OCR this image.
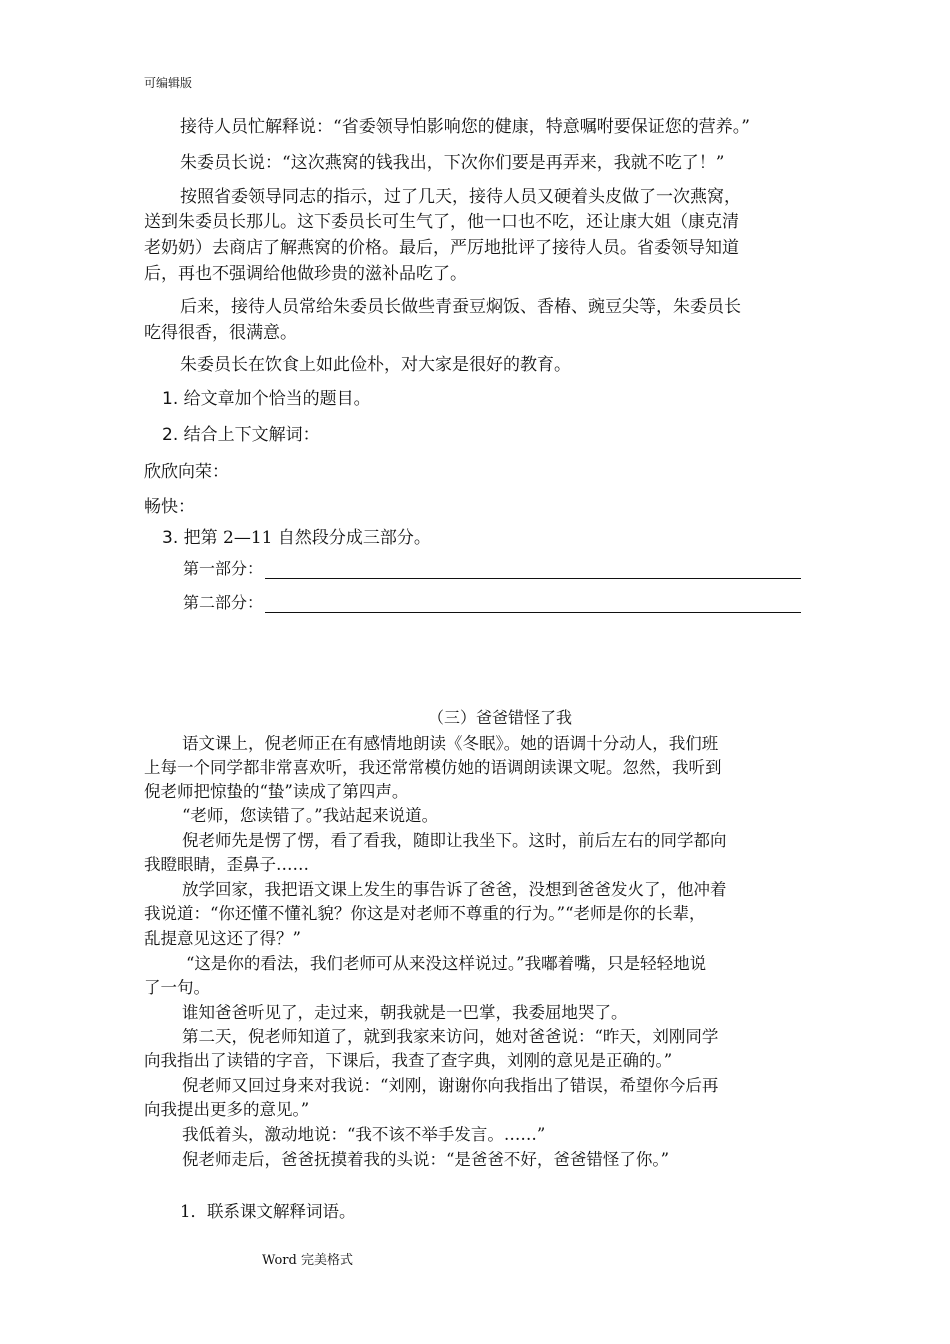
可编辑版
接待人员忙解释说：“省委领导怕影响您的健康，特意嘱咐要保证您的营养。”
朱委员长说：“这次燕窝的钱我出，下次你们要是再弄来，我就不吃了！”
按照省委领导同志的指示，过了几天，接待人员又硬着头皮做了一次燕窝，
送到朱委员长那儿。这下委员长可生气了，他一口也不吃，还让康大姐（康克清
老奶奶）去商店了解燕窝的价格。最后，严厉地批评了接待人员。省委领导知道
后，再也不强调给他做珍贵的滋补品吃了。
后来，接待人员常给朱委员长做些青蚕豆焖饭、香椿、豌豆尖等，朱委员长
吃得很香，很满意。
朱委员长在饮食上如此俭朴，对大家是很好的教育。
1. 给文章加个恰当的题目。
2. 结合上下文解词：
欣欣向荣：
畅快：
3. 把第 2—11 自然段分成三部分。
第一部分：
第二部分：
（三）爸爸错怪了我
语文课上，倪老师正在有感情地朗读《冬眠》。她的语调十分动人，我们班
上每一个同学都非常喜欢听，我还常常模仿她的语调朗读课文呢。忽然，我听到
倪老师把惊蛰的“蛰”读成了第四声。
“老师，您读错了。”我站起来说道。
倪老师先是愣了愣，看了看我，随即让我坐下。这时，前后左右的同学都向
我瞪眼睛，歪鼻子……
放学回家，我把语文课上发生的事告诉了爸爸，没想到爸爸发火了，他冲着
我说道：“你还懂不懂礼貌？你这是对老师不尊重的行为。”“老师是你的长辈，
乱提意见这还了得？”
“这是你的看法，我们老师可从来没这样说过。”我嘟着嘴，只是轻轻地说
了一句。
谁知爸爸听见了，走过来，朝我就是一巴掌，我委屈地哭了。
第二天，倪老师知道了，就到我家来访问，她对爸爸说：“昨天，刘刚同学
向我指出了读错的字音，下课后，我查了查字典，刘刚的意见是正确的。”
倪老师又回过身来对我说：“刘刚，谢谢你向我指出了错误，希望你今后再
向我提出更多的意见。”
我低着头，激动地说：“我不该不举手发言。……”
倪老师走后，爸爸抚摸着我的头说：“是爸爸不好，爸爸错怪了你。”
1．联系课文解释词语。
Word 完美格式
